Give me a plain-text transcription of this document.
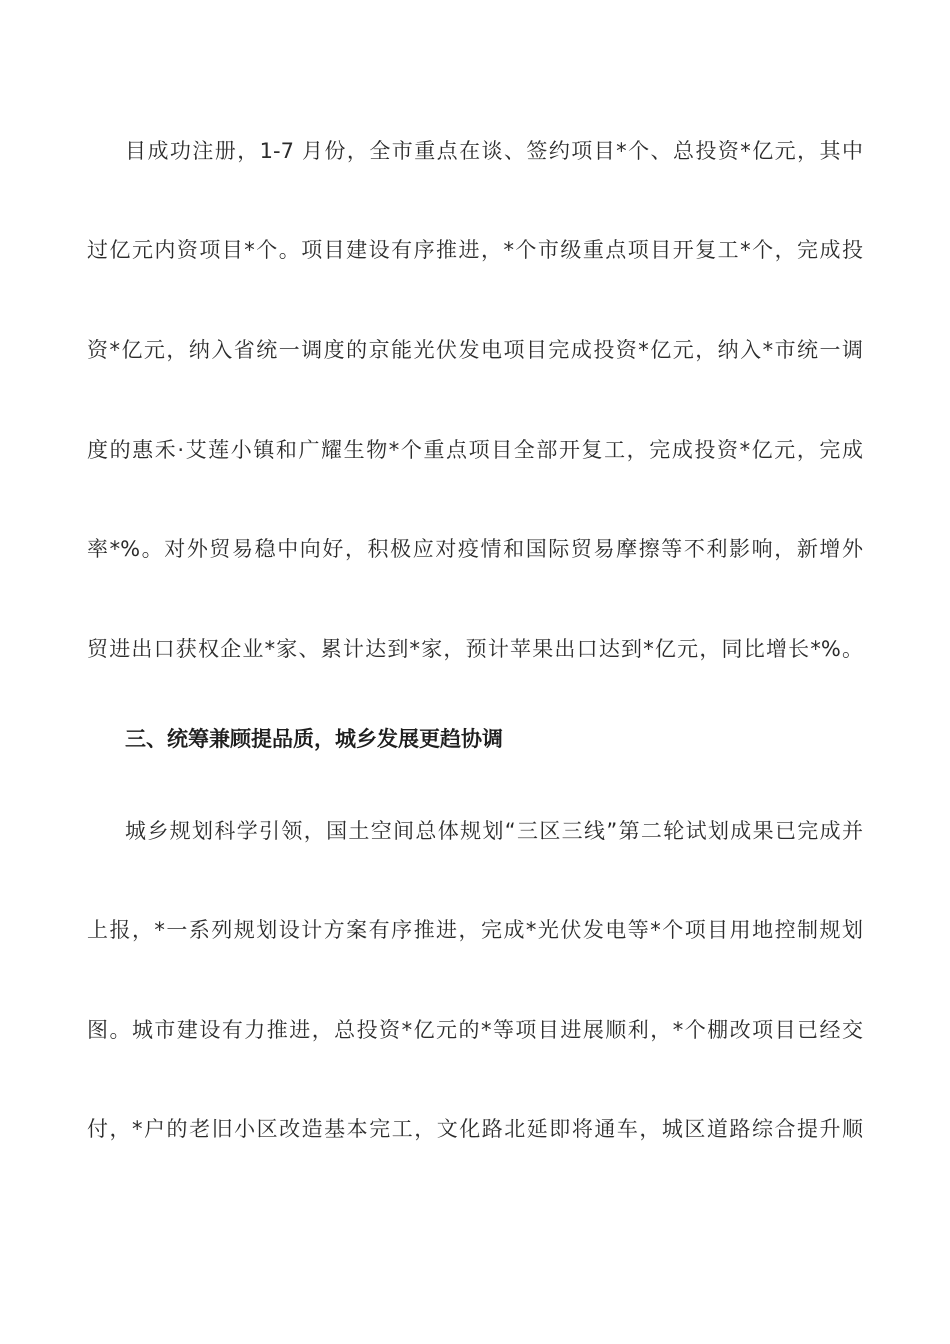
目成功注册，1-7 月份，全市重点在谈、签约项目*个、总投资*亿元，其中
过亿元内资项目*个。项目建设有序推进，*个市级重点项目开复工*个，完成投
资*亿元，纳入省统一调度的京能光伏发电项目完成投资*亿元，纳入*市统一调
度的惠禾·艾莲小镇和广耀生物*个重点项目全部开复工，完成投资*亿元，完成
率*%。对外贸易稳中向好，积极应对疫情和国际贸易摩擦等不利影响，新增外
贸进出口获权企业*家、累计达到*家，预计苹果出口达到*亿元，同比增长*%。
三、统筹兼顾提品质，城乡发展更趋协调
城乡规划科学引领，国土空间总体规划“三区三线”第二轮试划成果已完成并
上报，*一系列规划设计方案有序推进，完成*光伏发电等*个项目用地控制规划
图。城市建设有力推进，总投资*亿元的*等项目进展顺利，*个棚改项目已经交
付，*户的老旧小区改造基本完工，文化路北延即将通车，城区道路综合提升顺
